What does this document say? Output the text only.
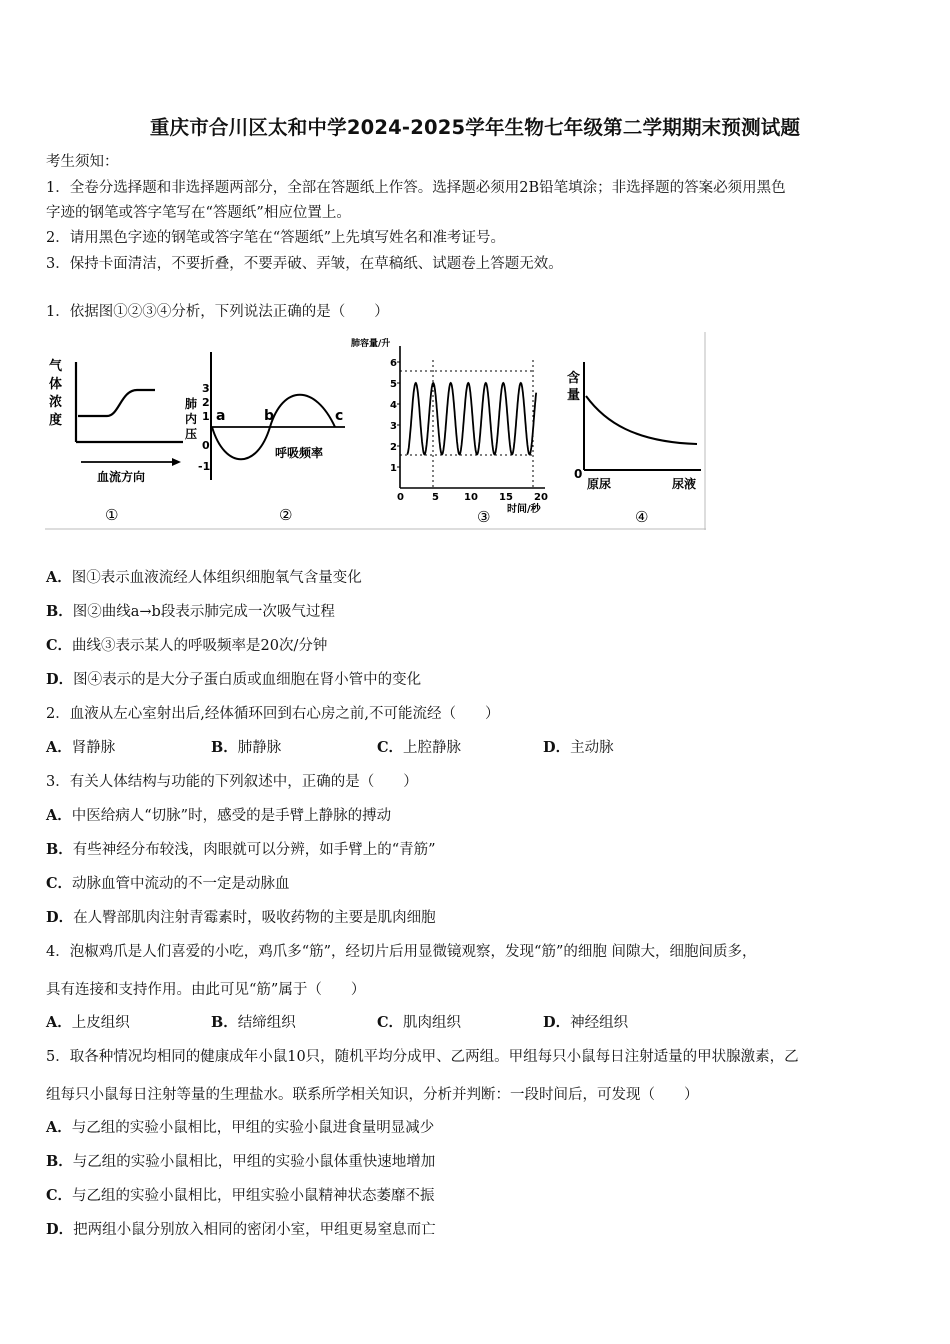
重庆市合川区太和中学2024-2025学年生物七年级第二学期期末预测试题
考生须知：
1．全卷分选择题和非选择题两部分，全部在答题纸上作答。选择题必须用2B铅笔填涂；非选择题的答案必须用黑色
字迹的钢笔或答字笔写在“答题纸”相应位置上。
2．请用黑色字迹的钢笔或答字笔在“答题纸”上先填写姓名和准考证号。
3．保持卡面清洁，不要折叠，不要弄破、弄皱，在草稿纸、试题卷上答题无效。
1．依据图①②③④分析，下列说法正确的是（　　）
气
体
浓
度
血流方向
①
3
2
1
0
-1
肺
内
压
a	b	c
呼吸频率
②
肺容量/升
6
5
4
3
2
1
0	5	10 15 20
时间/秒
③
含
量
0
原尿	尿液
④
A．图①表示血液流经人体组织细胞氧气含量变化
B．图②曲线a→b段表示肺完成一次吸气过程
C．曲线③表示某人的呼吸频率是20次/分钟
D．图④表示的是大分子蛋白质或血细胞在肾小管中的变化
2．血液从左心室射出后,经体循环回到右心房之前,不可能流经（　　）
A．肾静脉	B．肺静脉	C．上腔静脉	D．主动脉
3．有关人体结构与功能的下列叙述中，正确的是（　　）
A．中医给病人“切脉”时，感受的是手臂上静脉的搏动
B．有些神经分布较浅，肉眼就可以分辨，如手臂上的“青筋”
C．动脉血管中流动的不一定是动脉血
D．在人臀部肌肉注射青霉素时，吸收药物的主要是肌肉细胞
4．泡椒鸡爪是人们喜爱的小吃，鸡爪多“筋”，经切片后用显微镜观察，发现“筋”的细胞 间隙大，细胞间质多，
具有连接和支持作用。由此可见“筋”属于（　　）
A．上皮组织	B．结缔组织	C．肌肉组织	D．神经组织
5．取各种情况均相同的健康成年小鼠10只，随机平均分成甲、乙两组。甲组每只小鼠每日注射适量的甲状腺激素，乙
组每只小鼠每日注射等量的生理盐水。联系所学相关知识，分析并判断：一段时间后，可发现（　　）
A．与乙组的实验小鼠相比，甲组的实验小鼠进食量明显减少
B．与乙组的实验小鼠相比，甲组的实验小鼠体重快速地增加
C．与乙组的实验小鼠相比，甲组实验小鼠精神状态萎靡不振
D．把两组小鼠分别放入相同的密闭小室，甲组更易窒息而亡
